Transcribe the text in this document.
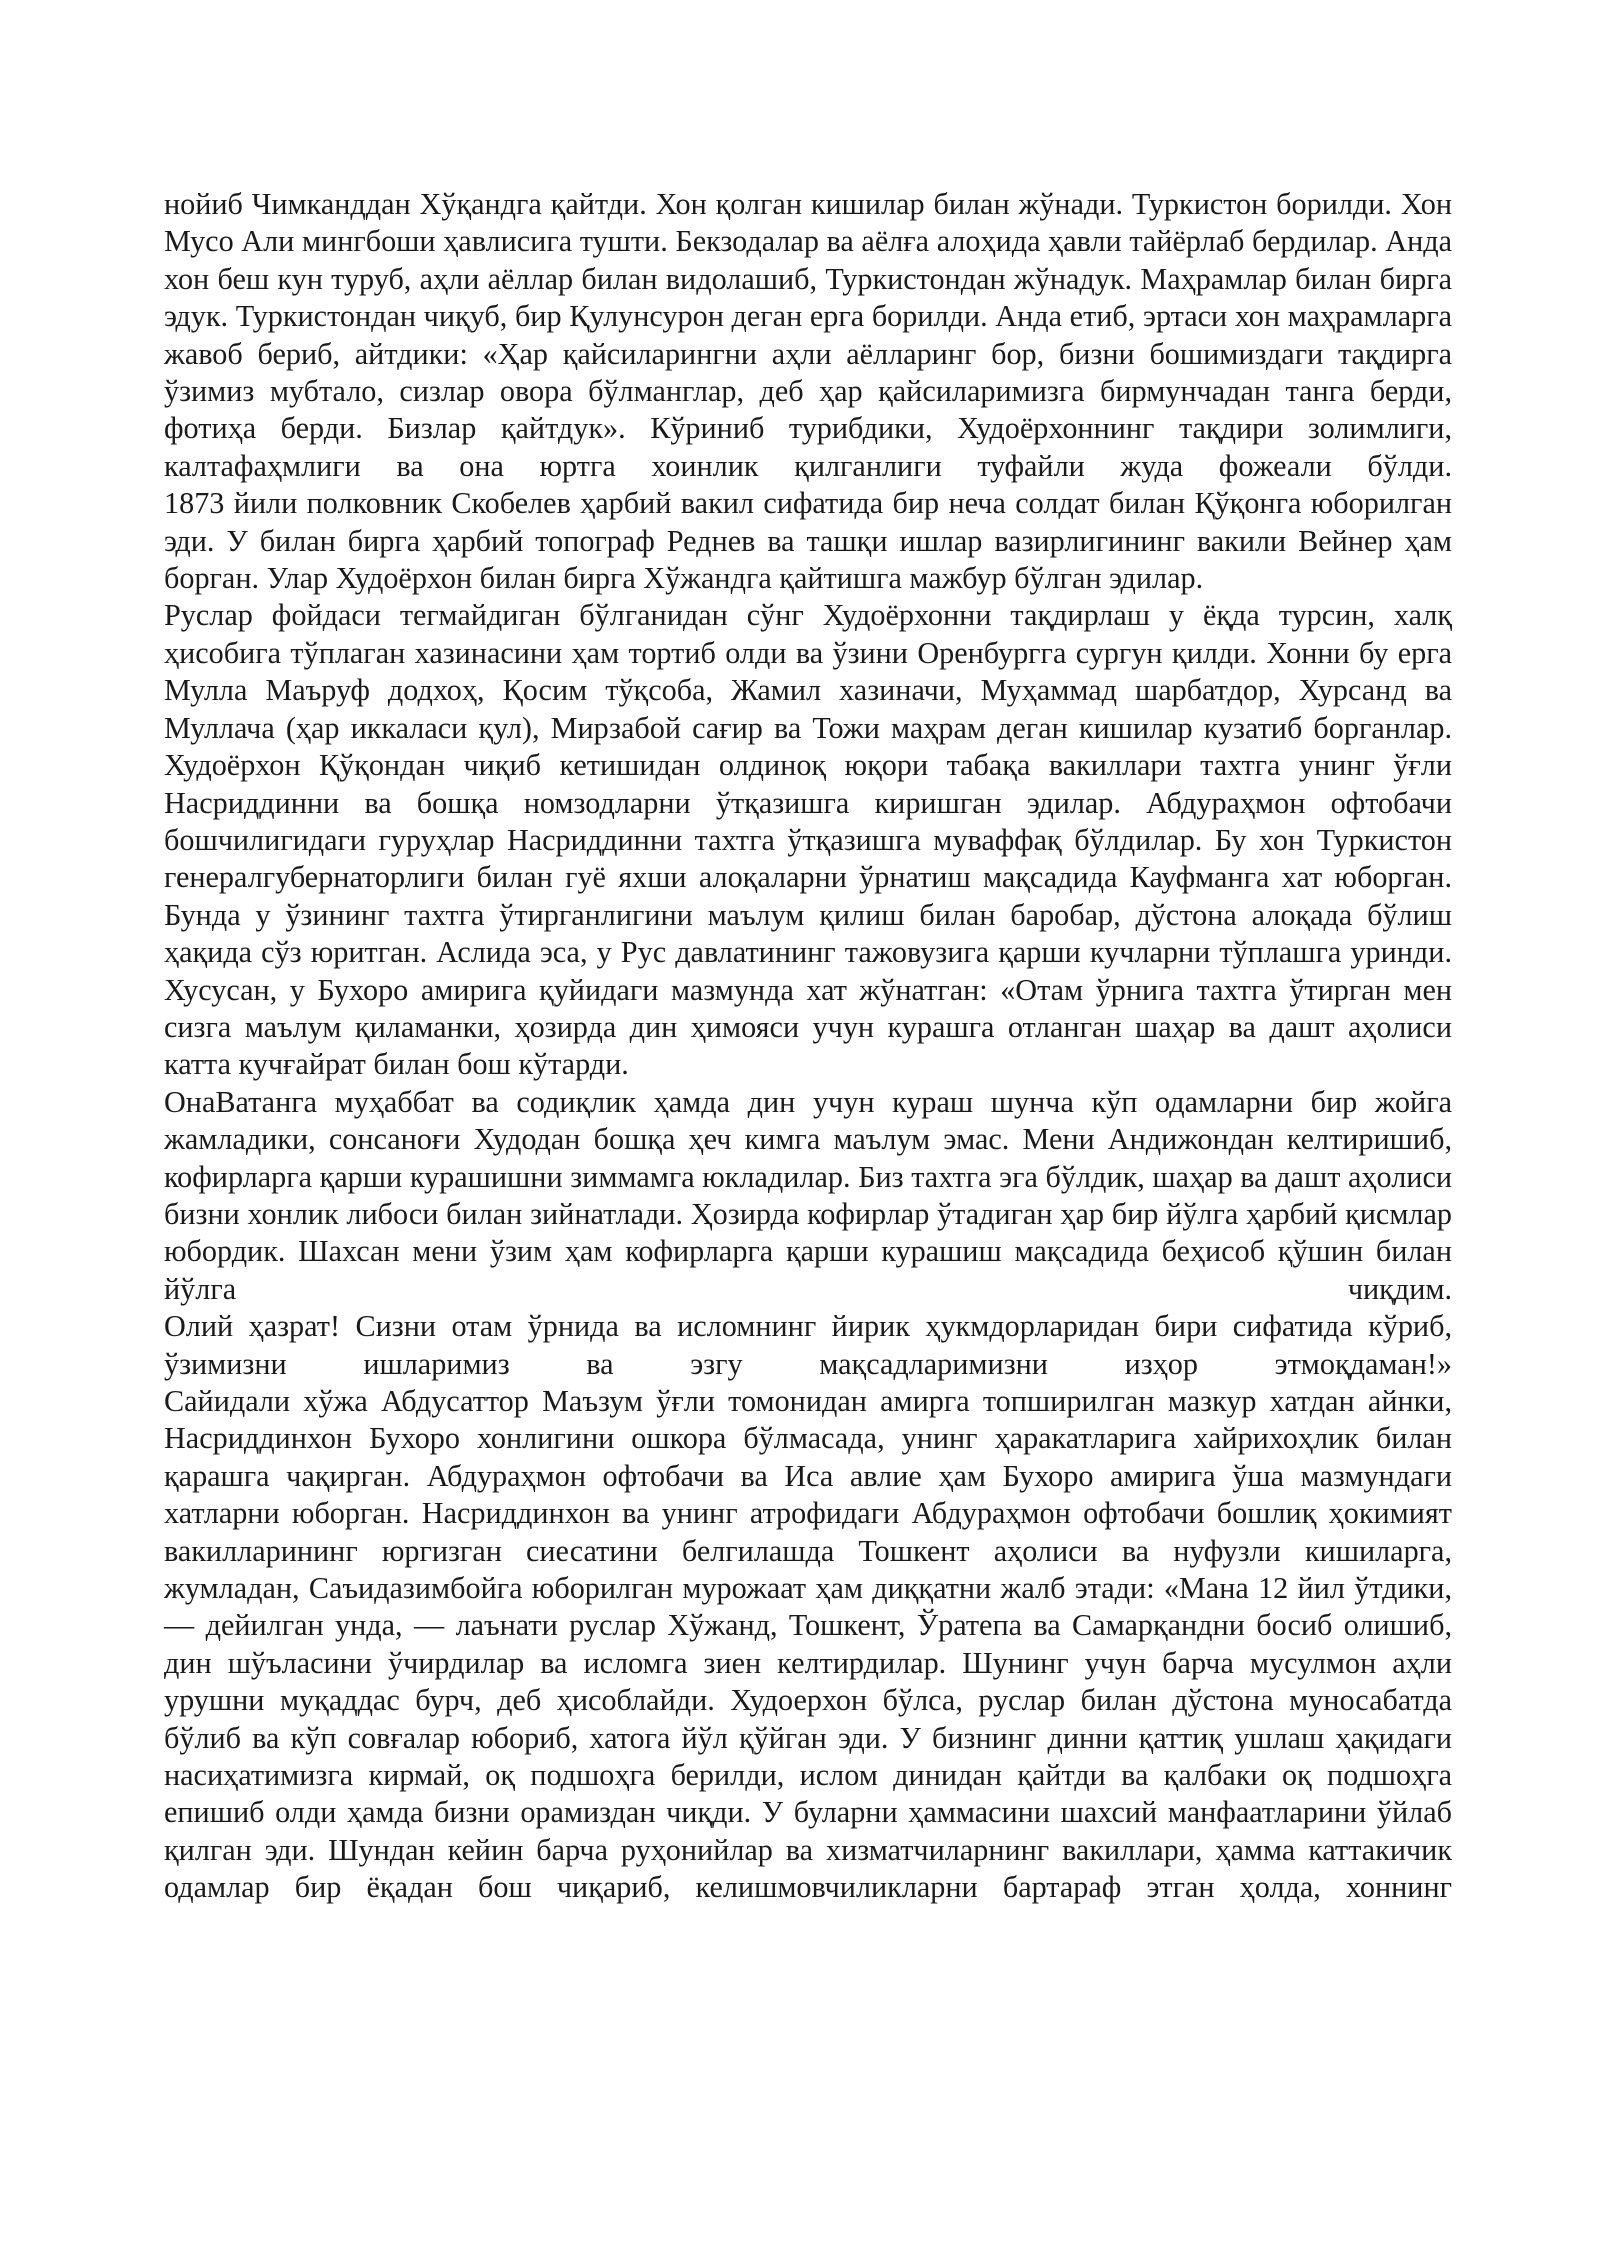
нойиб Чимканддан Хўқандга қайтди. Хон қолган кишилар билан жўнади. Туркистон борилди. Хон Мусо Али мингбоши ҳавлисига тушти. Бекзодалар ва аёлға алоҳида ҳавли тайёрлаб бердилар. Анда хон беш кун туруб, аҳли аёллар билан видолашиб, Туркистондан жўнадук. Маҳрамлар билан бирга эдук. Туркистондан чиқуб, бир Қулунсурон деган ерга борилди. Анда етиб, эртаси хон маҳрамларга жавоб бериб, айтдики: «Ҳар қайсиларингни аҳли аёлларинг бор, бизни бошимиздаги тақдирга ўзимиз мубтало, сизлар овора бўлманглар, деб ҳар қайсиларимизга бирмунчадан танга берди, фотиҳа берди. Бизлар қайтдук». Кўриниб турибдики, Худоёрхоннинг тақдири золимлиги, калтафаҳмлиги ва она юртга хоинлик қилганлиги туфайли жуда фожеали бўлди.

1873 йили полковник Скобелев ҳарбий вакил сифатида бир неча солдат билан Қўқонга юборилган эди. У билан бирга ҳарбий топограф Реднев ва ташқи ишлар вазирлигининг вакили Вейнер ҳам борган. Улар Худоёрхон билан бирга Хўжандга қайтишга мажбур бўлган эдилар.

Руслар фойдаси тегмайдиган бўлганидан сўнг Худоёрхонни тақдирлаш у ёқда турсин, халқ ҳисобига тўплаган хазинасини ҳам тортиб олди ва ўзини Оренбургга сургун қилди. Хонни бу ерга Мулла Маъруф додхоҳ, Қосим тўқсоба, Жамил хазиначи, Муҳаммад шарбатдор, Хурсанд ва Муллача (ҳар иккаласи қул), Мирзабой сағир ва Тожи маҳрам деган кишилар кузатиб борганлар.

Худоёрхон Қўқондан чиқиб кетишидан олдиноқ юқори табақа вакиллари тахтга унинг ўғли Насриддинни ва бошқа номзодларни ўтқазишга киришган эдилар. Абдураҳмон офтобачи бошчилигидаги гуруҳлар Насриддинни тахтга ўтқазишга муваффақ бўлдилар. Бу хон Туркистон генералгубернаторлиги билан гуё яхши алоқаларни ўрнатиш мақсадида Кауфманга хат юборган. Бунда у ўзининг тахтга ўтирганлигини маълум қилиш билан баробар, дўстона алоқада бўлиш ҳақида сўз юритган. Аслида эса, у Рус давлатининг тажовузига қарши кучларни тўплашга уринди. Хусусан, у Бухоро амирига қуйидаги мазмунда хат жўнатган: «Отам ўрнига тахтга ўтирган мен сизга маълум қиламанки, ҳозирда дин ҳимояси учун курашга отланган шаҳар ва дашт аҳолиси катта кучғайрат билан бош кўтарди.

ОнаВатанга муҳаббат ва содиқлик ҳамда дин учун кураш шунча кўп одамларни бир жойга жамладики, сонсаноғи Худодан бошқа ҳеч кимга маълум эмас. Мени Андижондан келтиришиб, кофирларга қарши курашишни зиммамга юкладилар. Биз тахтга эга бўлдик, шаҳар ва дашт аҳолиси бизни хонлик либоси билан зийнатлади. Ҳозирда кофирлар ўтадиган ҳар бир йўлга ҳарбий қисмлар юбордик. Шахсан мени ўзим ҳам кофирларга қарши курашиш мақсадида беҳисоб қўшин билан йўлга чиқдим.

Олий ҳазрат! Сизни отам ўрнида ва исломнинг йирик ҳукмдорларидан бири сифатида кўриб, ўзимизни ишларимиз ва эзгу мақсадларимизни изҳор этмоқдаман!»

Сайидали хўжа Абдусаттор Маъзум ўғли томонидан амирга топширилган мазкур хатдан айнки, Насриддинхон Бухоро хонлигини ошкора бўлмасада, унинг ҳаракатларига хайрихоҳлик билан қарашга чақирган. Абдураҳмон офтобачи ва Иса авлие ҳам Бухоро амирига ўша мазмундаги хатларни юборган. Насриддинхон ва унинг атрофидаги Абдураҳмон офтобачи бошлиқ ҳокимият вакилларининг юргизган сиесатини белгилашда Тошкент аҳолиси ва нуфузли кишиларга, жумладан, Саъидазимбойга юборилган мурожаат ҳам диққатни жалб этади: «Мана 12 йил ўтдики, — дейилган унда, — лаънати руслар Хўжанд, Тошкент, Ўратепа ва Самарқандни босиб олишиб, дин шўъласини ўчирдилар ва исломга зиен келтирдилар. Шунинг учун барча мусулмон аҳли урушни муқаддас бурч, деб ҳисоблайди. Худоерхон бўлса, руслар билан дўстона муносабатда бўлиб ва кўп совғалар юбориб, хатога йўл қўйган эди. У бизнинг динни қаттиқ ушлаш ҳақидаги насиҳатимизга кирмай, оқ подшоҳга берилди, ислом динидан қайтди ва қалбаки оқ подшоҳга епишиб олди ҳамда бизни орамиздан чиқди. У буларни ҳаммасини шахсий манфаатларини ўйлаб қилган эди. Шундан кейин барча руҳонийлар ва хизматчиларнинг вакиллари, ҳамма каттакичик одамлар бир ёқадан бош чиқариб, келишмовчиликларни бартараф этган ҳолда, хоннинг
